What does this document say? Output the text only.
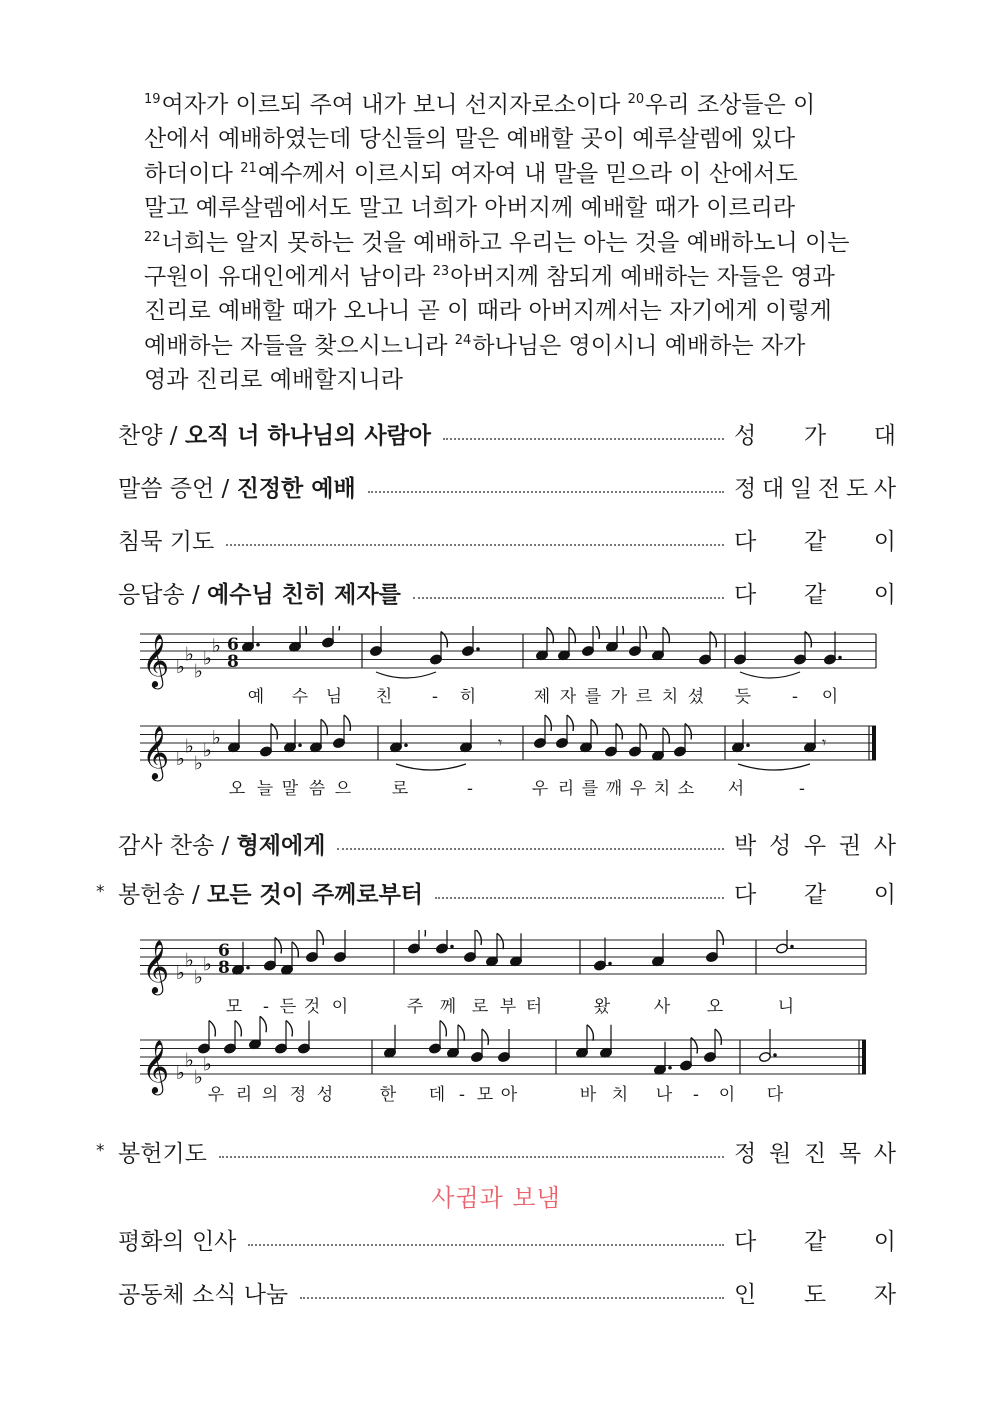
$^{19}$여자가 이르되 주여 내가 보니 선지자로소이다 $^{20}$우리 조상들은 이
산에서 예배하였는데 당신들의 말은 예배할 곳이 예루살렘에 있다
하더이다 $^{21}$예수께서 이르시되 여자여 내 말을 믿으라 이 산에서도
말고 예루살렘에서도 말고 너희가 아버지께 예배할 때가 이르리라
$^{22}$너희는 알지 못하는 것을 예배하고 우리는 아는 것을 예배하노니 이는
구원이 유대인에게서 남이라 $^{23}$아버지께 참되게 예배하는 자들은 영과
진리로 예배할 때가 오나니 곧 이 때라 아버지께서는 자기에게 이렇게
예배하는 자들을 찾으시느니라 $^{24}$하나님은 영이시니 예배하는 자가
영과 진리로 예배할지니라
찬양 / 오직 너 하나님의 사람아	성 가 대
말씀 증언 / 진정한 예배	정 대 일 전 도 사
침묵 기도	다 같 이
응답송 / 예수님 친히 제자를	다 같 이
𝄞 ♭
♭
♭
♭
♭ 6
8
예 수 님 친 - 히	제 자 를 가 르 치 셨 듯 - 이
𝄞 ♭
♭
♭
♭
♭	𝄾	𝄾
오 늘 말 씀 으 로	-	우 리 를 깨 우 치 소 서	-
감사 찬송 / 형제에게	박 성 우 권 사
* 봉헌송 / 모든 것이 주께로부터	다 같 이
𝄞 ♭
♭
♭
♭
6
8
모 - 든 것 이	주 께 로 부 터	왔	사 오	니
𝄞 ♭
♭
♭
♭
우 리 의 정 성	한 데 - 모 아	바 치 나 - 이 다
* 봉헌기도	정 원 진 목 사
사귐과 보냄
평화의 인사	다 같 이
공동체 소식 나눔	인 도 자
